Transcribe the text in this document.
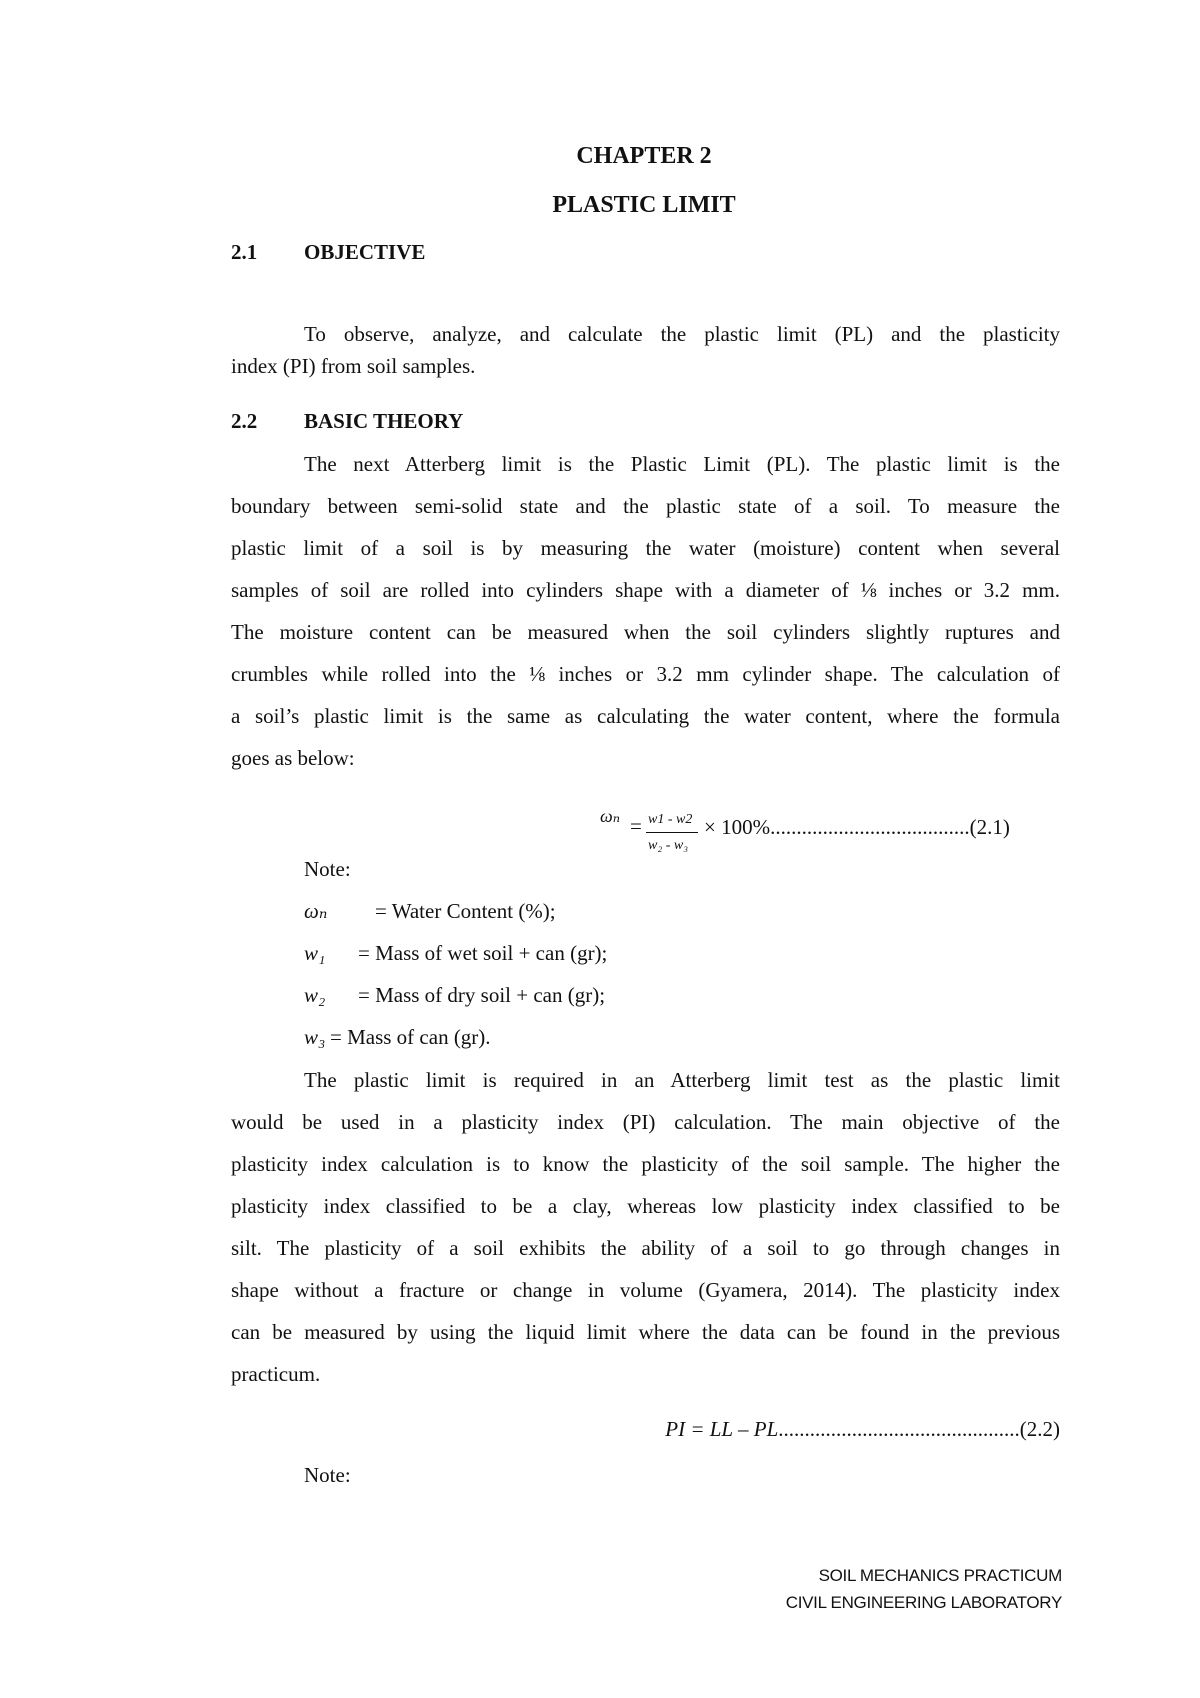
CHAPTER 2
PLASTIC LIMIT
2.1 OBJECTIVE
To observe, analyze, and calculate the plastic limit (PL) and the plasticity
index (PI) from soil samples.
2.2 BASIC THEORY
The next Atterberg limit is the Plastic Limit (PL). The plastic limit is the
boundary between semi-solid state and the plastic state of a soil. To measure the
plastic limit of a soil is by measuring the water (moisture) content when several
samples of soil are rolled into cylinders shape with a diameter of ⅛ inches or 3.2 mm.
The moisture content can be measured when the soil cylinders slightly ruptures and
crumbles while rolled into the ⅛ inches or 3.2 mm cylinder shape. The calculation of
a soil’s plastic limit is the same as calculating the water content, where the formula
goes as below:
ωₙ = w1 - w2
w₂ - w₃
× 100%......................................(2.1)
Note:
ωₙ = Water Content (%);
w₁ = Mass of wet soil + can (gr);
w₂ = Mass of dry soil + can (gr);
w₃ = Mass of can (gr).
The plastic limit is required in an Atterberg limit test as the plastic limit
would be used in a plasticity index (PI) calculation. The main objective of the
plasticity index calculation is to know the plasticity of the soil sample. The higher the
plasticity index classified to be a clay, whereas low plasticity index classified to be
silt. The plasticity of a soil exhibits the ability of a soil to go through changes in
shape without a fracture or change in volume (Gyamera, 2014). The plasticity index
can be measured by using the liquid limit where the data can be found in the previous
practicum.
PI = LL – PL..............................................(2.2)
Note:
SOIL MECHANICS PRACTICUM
CIVIL ENGINEERING LABORATORY
